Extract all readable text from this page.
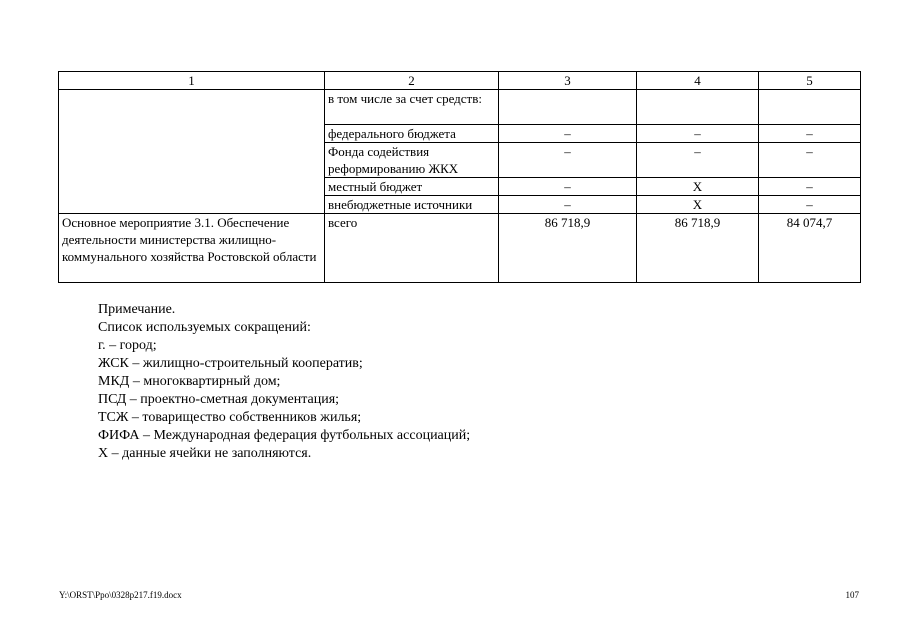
1	2	3	4	5
	в том числе за счет средств:			
	федерального бюджета	–	–	–
	Фонда содействия реформированию ЖКХ	–	–	–
	местный бюджет	–	Х	–
	внебюджетные источники	–	Х	–
Основное мероприятие 3.1. Обеспечение деятельности министерства жилищно-коммунального хозяйства Ростовской области	всего	86 718,9	86 718,9	84 074,7
Примечание.
Список используемых сокращений:
г. – город;
ЖСК – жилищно-строительный кооператив;
МКД – многоквартирный дом;
ПСД – проектно-сметная документация;
ТСЖ – товарищество собственников жилья;
ФИФА – Международная федерация футбольных ассоциаций;
Х – данные ячейки не заполняются.
Y:\ORST\Ppo\0328p217.f19.docx	107
